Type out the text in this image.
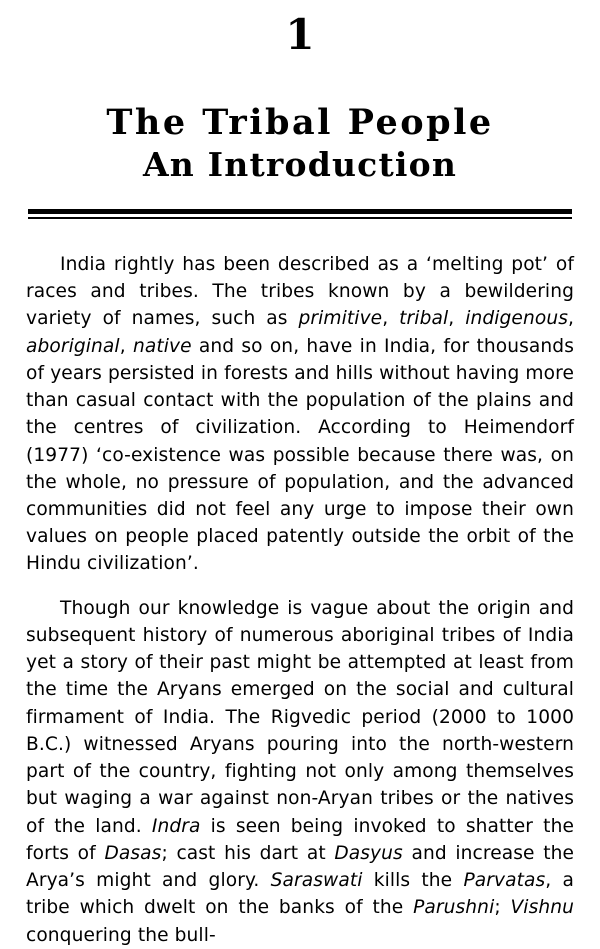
1
The Tribal People
An Introduction

India rightly has been described as a ‘melting pot’ of races and tribes. The tribes known by a bewildering variety of names, such as primitive, tribal, indigenous, aboriginal, native and so on, have in India, for thousands of years persisted in forests and hills without having more than casual contact with the population of the plains and the centres of civilization. According to Heimendorf (1977) ‘co-existence was possible because there was, on the whole, no pressure of population, and the advanced communities did not feel any urge to impose their own values on people placed patently outside the orbit of the Hindu civilization’.

Though our knowledge is vague about the origin and subsequent history of numerous aboriginal tribes of India yet a story of their past might be attempted at least from the time the Aryans emerged on the social and cultural firmament of India. The Rigvedic period (2000 to 1000 B.C.) witnessed Aryans pouring into the north-western part of the country, fighting not only among themselves but waging a war against non-Aryan tribes or the natives of the land. Indra is seen being invoked to shatter the forts of Dasas; cast his dart at Dasyus and increase the Arya’s might and glory. Saraswati kills the Parvatas, a tribe which dwelt on the banks of the Parushni; Vishnu conquering the bull-
